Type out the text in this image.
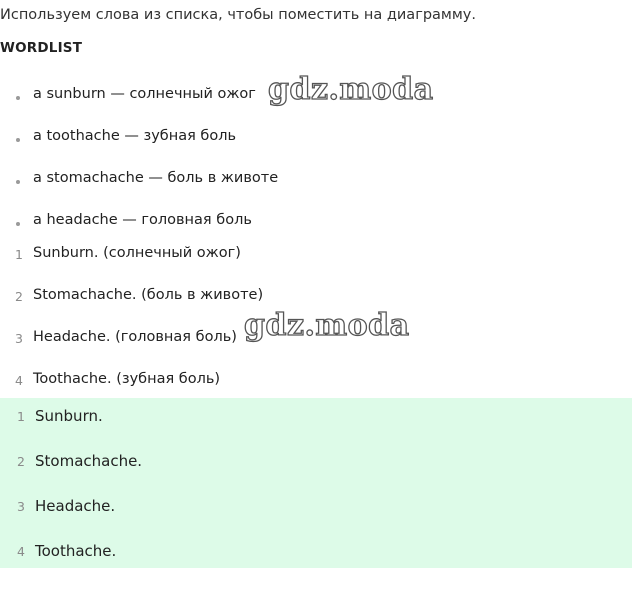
Используем слова из списка, чтобы поместить на диаграмму.
WORDLIST
a sunburn — солнечный ожог
a toothache — зубная боль
a stomachache — боль в животе
a headache — головная боль
1 Sunburn. (солнечный ожог)
2 Stomachache. (боль в животе)
3 Headache. (головная боль)
4 Toothache. (зубная боль)
1 Sunburn.
2 Stomachache.
3 Headache.
4 Toothache.
gdz.moda
gdz.moda
